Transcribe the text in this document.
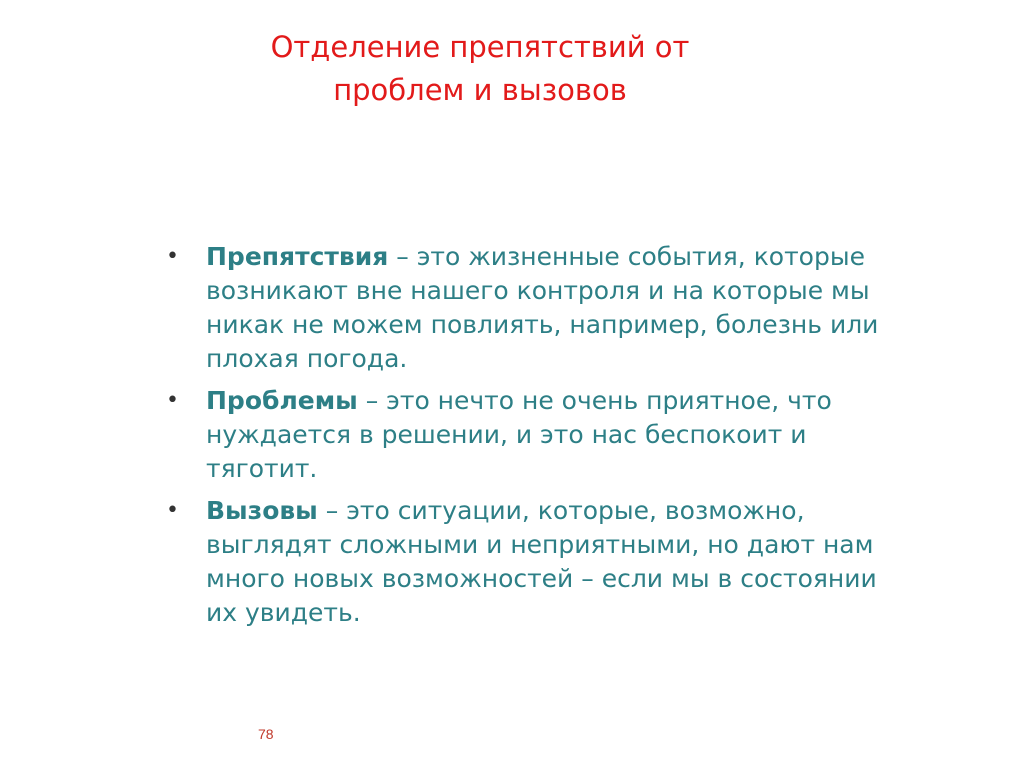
Отделение препятствий от
проблем и вызовов
• Препятствия – это жизненные события, которые возникают вне нашего контроля и на которые мы никак не можем повлиять, например, болезнь или плохая погода.
• Проблемы – это нечто не очень приятное, что нуждается в решении, и это нас беспокоит и тяготит.
• Вызовы – это ситуации, которые, возможно, выглядят сложными и неприятными, но дают нам много новых возможностей – если мы в состоянии их увидеть.
78
